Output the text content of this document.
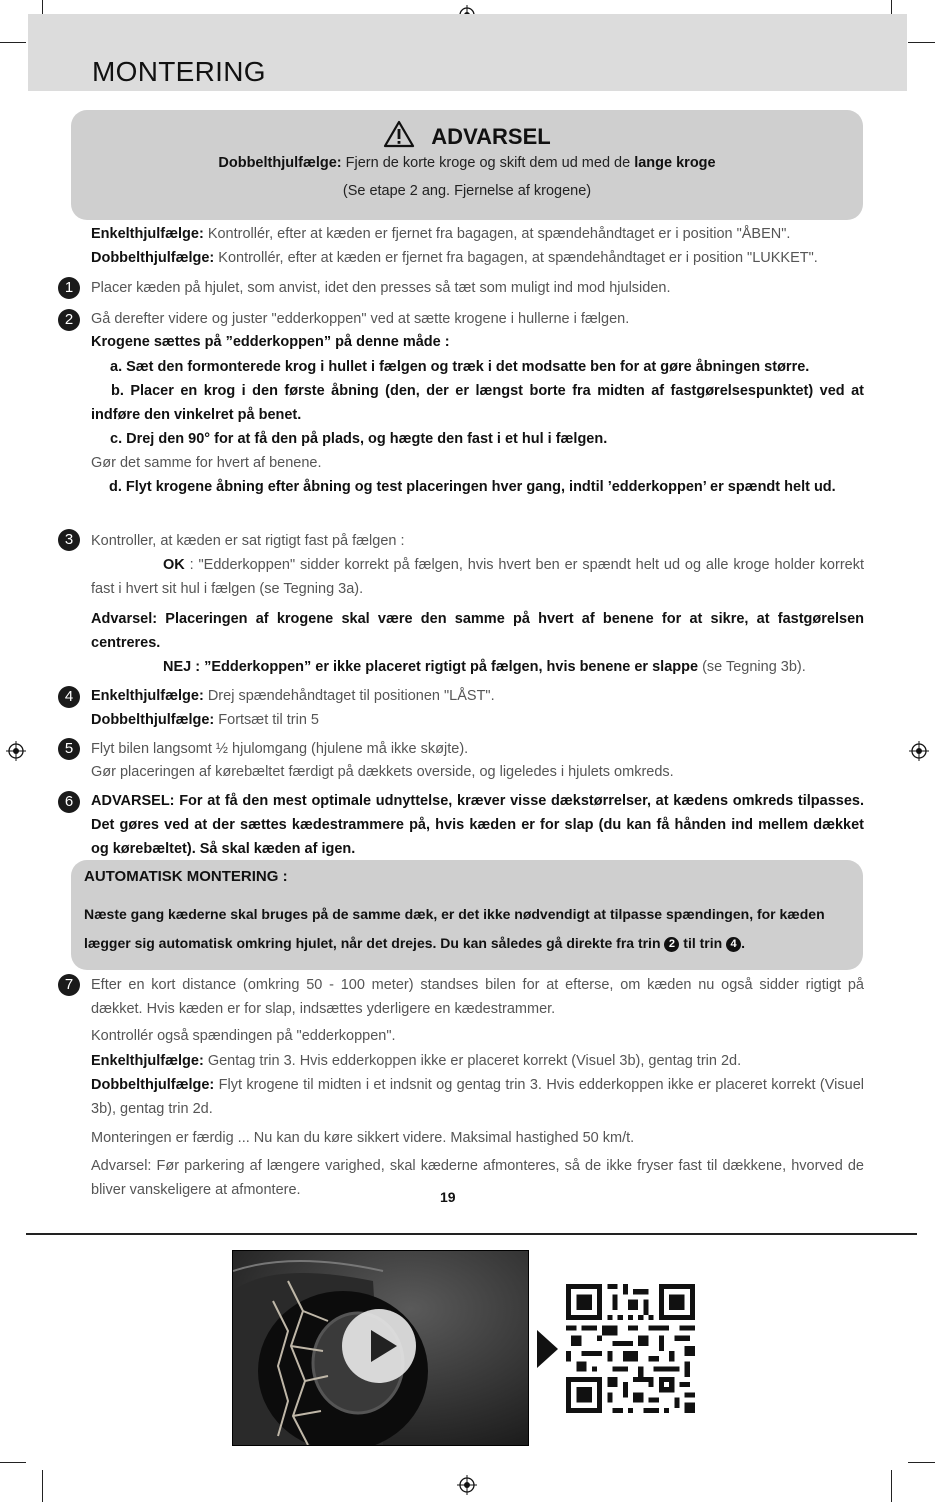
MONTERING
ADVARSEL
Dobbelthjulfælge: Fjern de korte kroge og skift dem ud med de lange kroge
(Se etape 2 ang. Fjernelse af krogene)
Enkelthjulfælge: Kontrollér, efter at kæden er fjernet fra bagagen, at spændehåndtaget er i position "ÅBEN".
Dobbelthjulfælge: Kontrollér, efter at kæden er fjernet fra bagagen, at spændehåndtaget er i position "LUKKET".
1	Placer kæden på hjulet, som anvist, idet den presses så tæt som muligt ind mod hjulsiden.
2	Gå derefter videre og juster "edderkoppen" ved at sætte krogene i hullerne i fælgen.
Krogene sættes på ”edderkoppen” på denne måde :
a. Sæt den formonterede krog i hullet i fælgen og træk i det modsatte ben for at gøre åbningen større.
b. Placer en krog i den første åbning (den, der er længst borte fra midten af fastgørelsespunktet) ved at indføre den vinkelret på benet.
c. Drej den 90° for at få den på plads, og hægte den fast i et hul i fælgen.
Gør det samme for hvert af benene.
d. Flyt krogene åbning efter åbning og test placeringen hver gang, indtil ’edderkoppen’ er spændt helt ud.
3	Kontroller, at kæden er sat rigtigt fast på fælgen :
OK : "Edderkoppen" sidder korrekt på fælgen, hvis hvert ben er spændt helt ud og alle kroge holder korrekt fast i hvert sit hul i fælgen (se Tegning 3a).
Advarsel: Placeringen af krogene skal være den samme på hvert af benene for at sikre, at fastgørelsen centreres.
NEJ : ”Edderkoppen” er ikke placeret rigtigt på fælgen, hvis benene er slappe (se Tegning 3b).
4	Enkelthjulfælge: Drej spændehåndtaget til positionen "LÅST".
Dobbelthjulfælge: Fortsæt til trin 5
5	Flyt bilen langsomt ½ hjulomgang (hjulene må ikke skøjte).
Gør placeringen af kørebæltet færdigt på dækkets overside, og ligeledes i hjulets omkreds.
6	ADVARSEL: For at få den mest optimale udnyttelse, kræver visse dækstørrelser, at kædens omkreds tilpasses. Det gøres ved at der sættes kædestrammere på, hvis kæden er for slap (du kan få hånden ind mellem dækket og kørebæltet). Så skal kæden af igen.
AUTOMATISK MONTERING :
Næste gang kæderne skal bruges på de samme dæk, er det ikke nødvendigt at tilpasse spændingen, for kæden lægger sig automatisk omkring hjulet, når det drejes. Du kan således gå direkte fra trin 2 til trin 4 .
7	Efter en kort distance (omkring 50 - 100 meter) standses bilen for at efterse, om kæden nu også sidder rigtigt på dækket. Hvis kæden er for slap, indsættes yderligere en kædestrammer.
Kontrollér også spændingen på "edderkoppen".
Enkelthjulfælge: Gentag trin 3. Hvis edderkoppen ikke er placeret korrekt (Visuel 3b), gentag trin 2d.
Dobbelthjulfælge: Flyt krogene til midten i et indsnit og gentag trin 3. Hvis edderkoppen ikke er placeret korrekt (Visuel 3b), gentag trin 2d.
Monteringen er færdig ... Nu kan du køre sikkert videre. Maksimal hastighed 50 km/t.
Advarsel: Før parkering af længere varighed, skal kæderne afmonteres, så de ikke fryser fast til dækkene, hvorved de bliver vanskeligere at afmontere.	19
